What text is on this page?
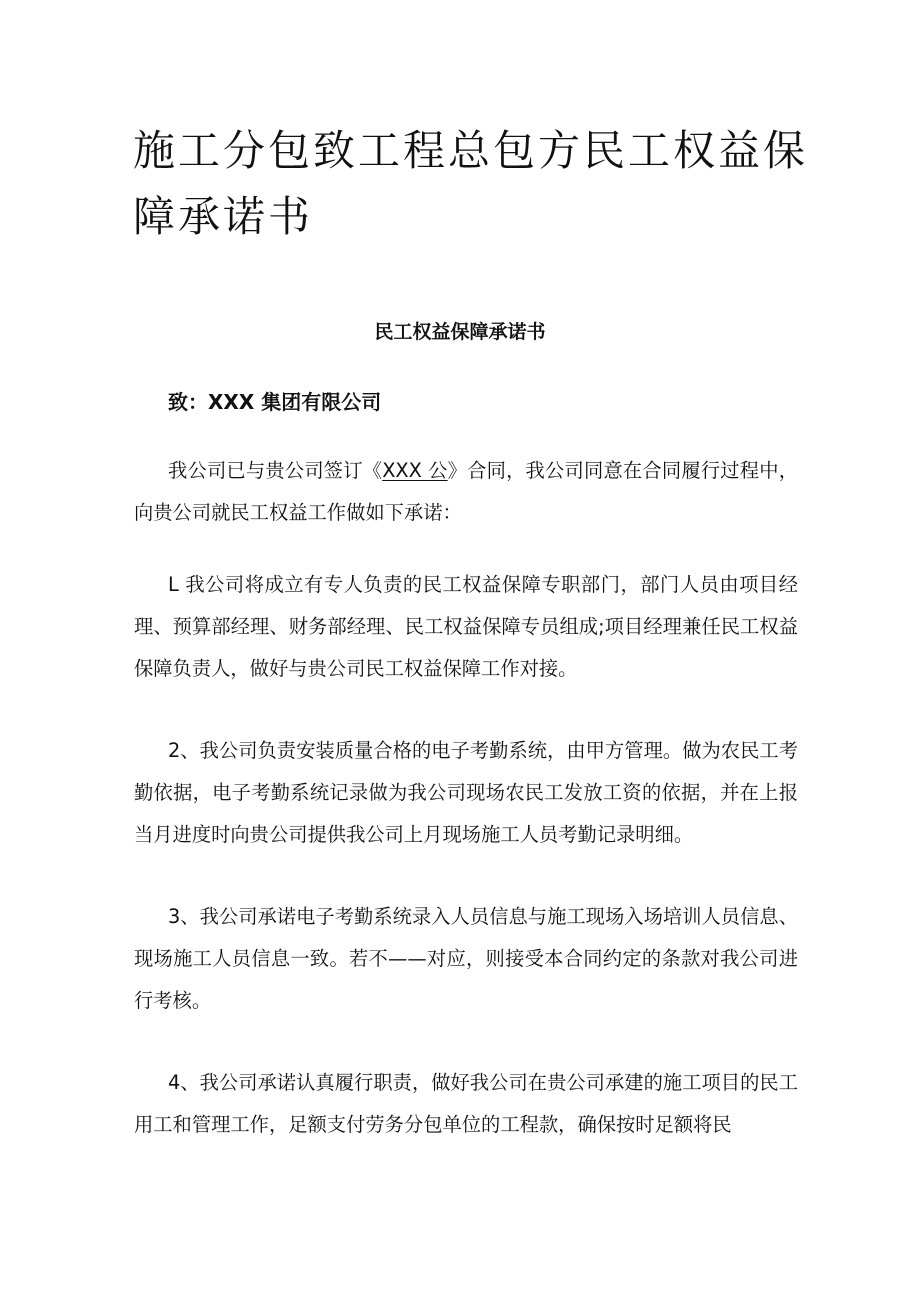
施工分包致工程总包方民工权益保障承诺书
民工权益保障承诺书
致：XXX 集团有限公司

我公司已与贵公司签订《XXX 公》合同，我公司同意在合同履行过程中，向贵公司就民工权益工作做如下承诺：

L 我公司将成立有专人负责的民工权益保障专职部门，部门人员由项目经理、预算部经理、财务部经理、民工权益保障专员组成;项目经理兼任民工权益保障负责人，做好与贵公司民工权益保障工作对接。

2、我公司负责安装质量合格的电子考勤系统，由甲方管理。做为农民工考勤依据，电子考勤系统记录做为我公司现场农民工发放工资的依据，并在上报当月进度时向贵公司提供我公司上月现场施工人员考勤记录明细。

3、我公司承诺电子考勤系统录入人员信息与施工现场入场培训人员信息、现场施工人员信息一致。若不——对应，则接受本合同约定的条款对我公司进行考核。

4、我公司承诺认真履行职责，做好我公司在贵公司承建的施工项目的民工用工和管理工作，足额支付劳务分包单位的工程款，确保按时足额将民
